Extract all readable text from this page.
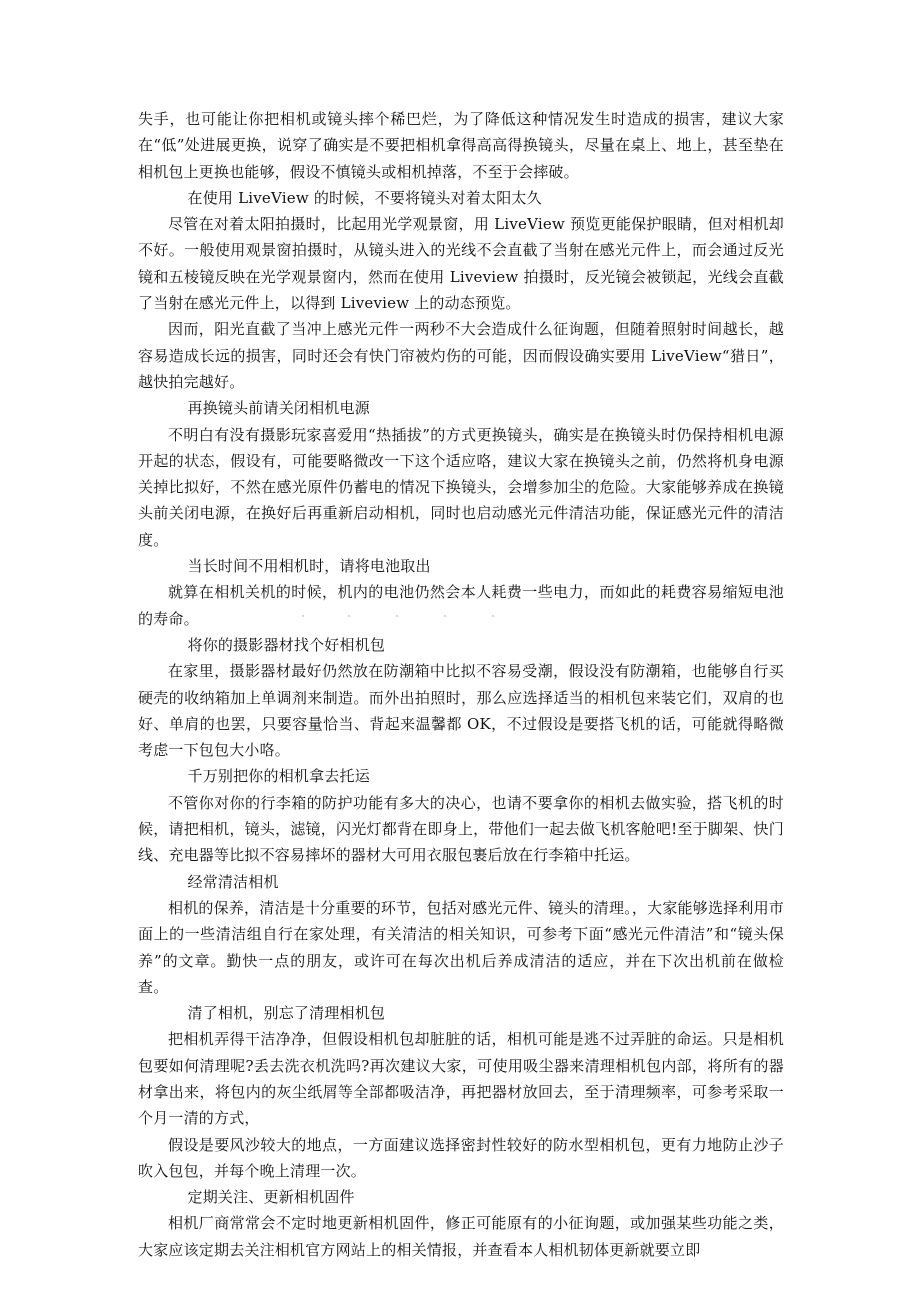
失手，也可能让你把相机或镜头摔个稀巴烂，为了降低这种情况发生时造成的损害，建议大家在“低”处进展更换，说穿了确实是不要把相机拿得高高得换镜头，尽量在桌上、地上，甚至垫在相机包上更换也能够，假设不慎镜头或相机掉落，不至于会摔破。

在使用 LiveView 的时候，不要将镜头对着太阳太久

尽管在对着太阳拍摄时，比起用光学观景窗，用 LiveView 预览更能保护眼睛，但对相机却不好。一般使用观景窗拍摄时，从镜头进入的光线不会直截了当射在感光元件上，而会通过反光镜和五棱镜反映在光学观景窗内，然而在使用 Liveview 拍摄时，反光镜会被锁起，光线会直截了当射在感光元件上，以得到 Liveview 上的动态预览。

因而，阳光直截了当冲上感光元件一两秒不大会造成什么征询题，但随着照射时间越长，越容易造成长远的损害，同时还会有快门帘被灼伤的可能，因而假设确实要用 LiveView“猎日”，越快拍完越好。

再换镜头前请关闭相机电源

不明白有没有摄影玩家喜爱用“热插拔”的方式更换镜头，确实是在换镜头时仍保持相机电源开起的状态，假设有，可能要略微改一下这个适应咯，建议大家在换镜头之前，仍然将机身电源关掉比拟好，不然在感光原件仍蓄电的情况下换镜头，会增参加尘的危险。大家能够养成在换镜头前关闭电源，在换好后再重新启动相机，同时也启动感光元件清洁功能，保证感光元件的清洁度。

当长时间不用相机时，请将电池取出

就算在相机关机的时候，机内的电池仍然会本人耗费一些电力，而如此的耗费容易缩短电池的寿命。

将你的摄影器材找个好相机包

在家里，摄影器材最好仍然放在防潮箱中比拟不容易受潮，假设没有防潮箱，也能够自行买硬壳的收纳箱加上单调剂来制造。而外出拍照时，那么应选择适当的相机包来装它们，双肩的也好、单肩的也罢，只要容量恰当、背起来温馨都 OK，不过假设是要搭飞机的话，可能就得略微考虑一下包包大小咯。

千万别把你的相机拿去托运

不管你对你的行李箱的防护功能有多大的决心，也请不要拿你的相机去做实验，搭飞机的时候，请把相机，镜头，滤镜，闪光灯都背在即身上，带他们一起去做飞机客舱吧!至于脚架、快门线、充电器等比拟不容易摔坏的器材大可用衣服包裹后放在行李箱中托运。

经常清洁相机

相机的保养，清洁是十分重要的环节，包括对感光元件、镜头的清理。，大家能够选择利用市面上的一些清洁组自行在家处理，有关清洁的相关知识，可参考下面“感光元件清洁”和“镜头保养”的文章。勤快一点的朋友，或许可在每次出机后养成清洁的适应，并在下次出机前在做检查。

清了相机，别忘了清理相机包

把相机弄得干洁净净，但假设相机包却脏脏的话，相机可能是逃不过弄脏的命运。只是相机包要如何清理呢?丢去洗衣机洗吗?再次建议大家，可使用吸尘器来清理相机包内部，将所有的器材拿出来，将包内的灰尘纸屑等全部都吸洁净，再把器材放回去，至于清理频率，可参考采取一个月一清的方式，

假设是要风沙较大的地点，一方面建议选择密封性较好的防水型相机包，更有力地防止沙子吹入包包，并每个晚上清理一次。

定期关注、更新相机固件

相机厂商常常会不定时地更新相机固件，修正可能原有的小征询题，或加强某些功能之类，大家应该定期去关注相机官方网站上的相关情报，并查看本人相机韧体更新就要立即
